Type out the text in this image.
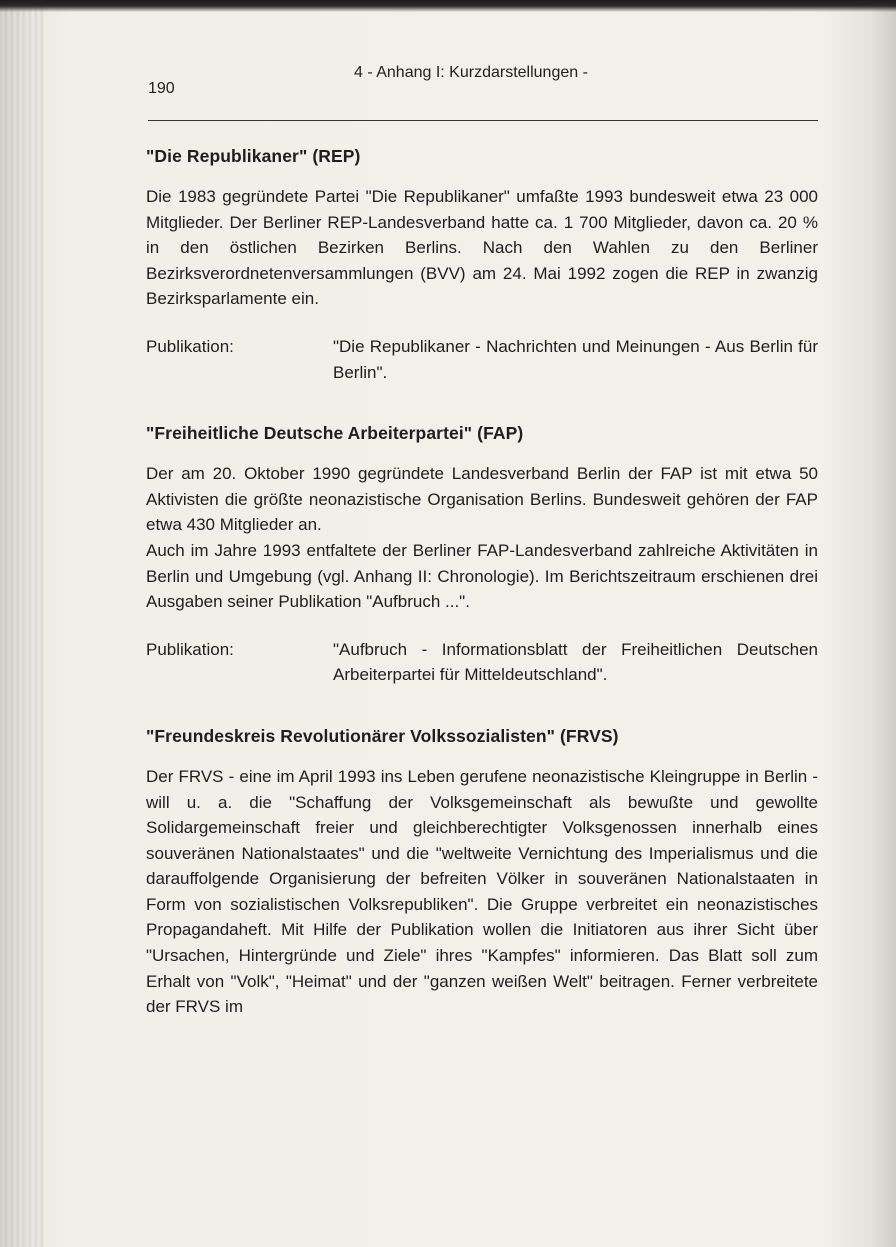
190
4 - Anhang I: Kurzdarstellungen -
"Die Republikaner" (REP)

Die 1983 gegründete Partei "Die Republikaner" umfaßte 1993 bundesweit etwa 23 000 Mitglieder. Der Berliner REP-Landesverband hatte ca. 1 700 Mitglieder, davon ca. 20 % in den östlichen Bezirken Berlins. Nach den Wahlen zu den Berliner Bezirksverordnetenversammlungen (BVV) am 24. Mai 1992 zogen die REP in zwanzig Bezirksparlamente ein.

Publikation:	"Die Republikaner - Nachrichten und Meinungen - Aus Berlin für Berlin".
"Freiheitliche Deutsche Arbeiterpartei" (FAP)

Der am 20. Oktober 1990 gegründete Landesverband Berlin der FAP ist mit etwa 50 Aktivisten die größte neonazistische Organisation Berlins. Bundesweit gehören der FAP etwa 430 Mitglieder an.

Auch im Jahre 1993 entfaltete der Berliner FAP-Landesverband zahlreiche Aktivitäten in Berlin und Umgebung (vgl. Anhang II: Chronologie). Im Berichtszeitraum erschienen drei Ausgaben seiner Publikation "Aufbruch ...".

Publikation:	"Aufbruch - Informationsblatt der Freiheitlichen Deutschen Arbeiterpartei für Mitteldeutschland".
"Freundeskreis Revolutionärer Volkssozialisten" (FRVS)

Der FRVS - eine im April 1993 ins Leben gerufene neonazistische Kleingruppe in Berlin - will u. a. die "Schaffung der Volksgemeinschaft als bewußte und gewollte Solidargemeinschaft freier und gleichberechtigter Volksgenossen innerhalb eines souveränen Nationalstaates" und die "weltweite Vernichtung des Imperialismus und die darauffolgende Organisierung der befreiten Völker in souveränen Nationalstaaten in Form von sozialistischen Volksrepubliken". Die Gruppe verbreitet ein neonazistisches Propagandaheft. Mit Hilfe der Publikation wollen die Initiatoren aus ihrer Sicht über "Ursachen, Hintergründe und Ziele" ihres "Kampfes" informieren. Das Blatt soll zum Erhalt von "Volk", "Heimat" und der "ganzen weißen Welt" beitragen. Ferner verbreitete der FRVS im
